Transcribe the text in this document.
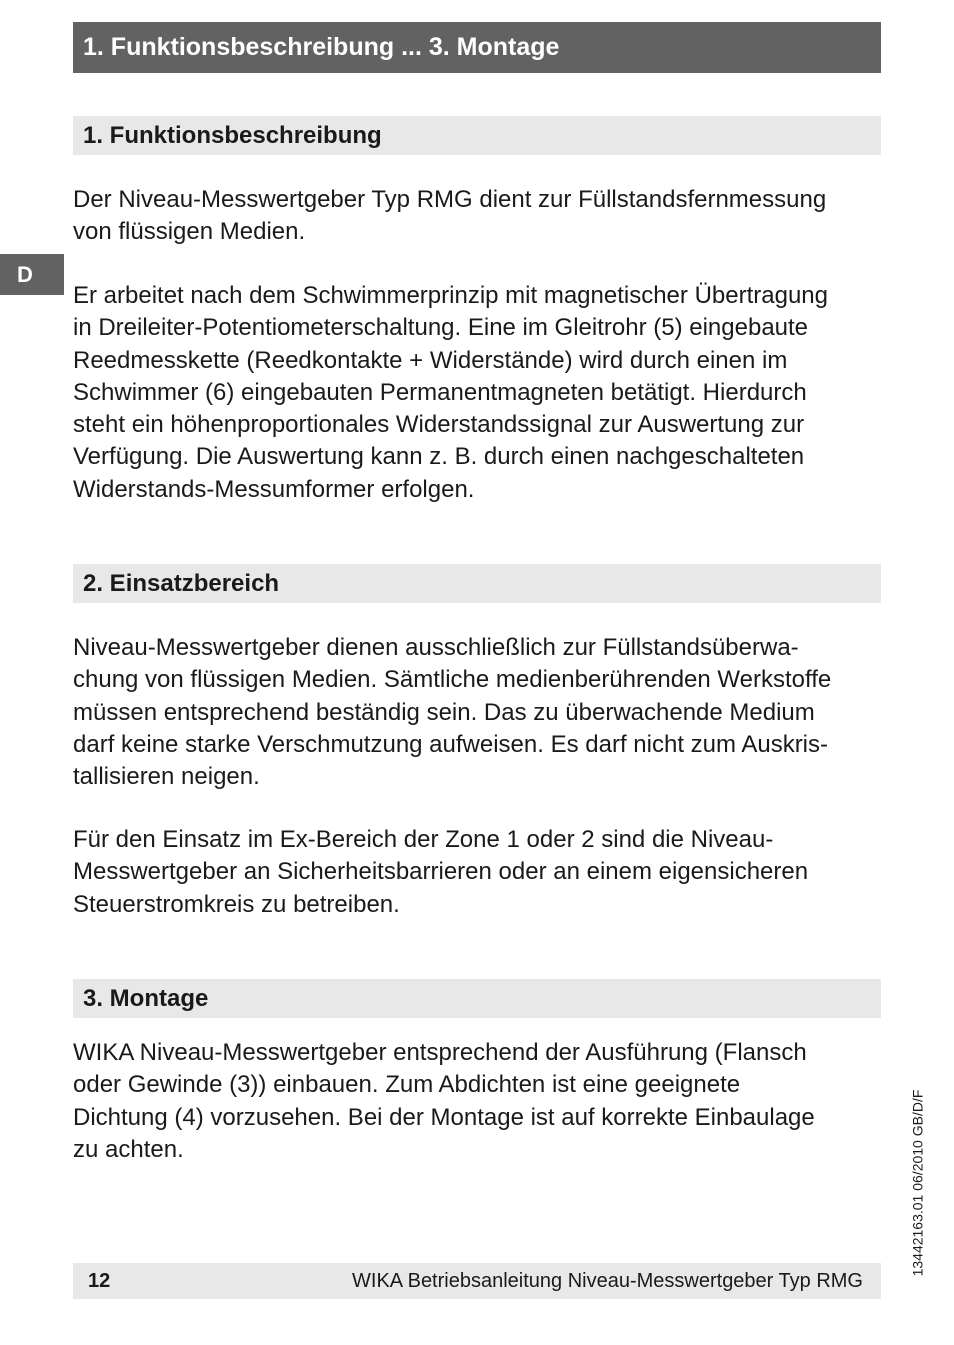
1. Funktionsbeschreibung ... 3. Montage
D
1. Funktionsbeschreibung

Der Niveau-Messwertgeber Typ RMG dient zur Füllstandsfernmessung
von flüssigen Medien.

Er arbeitet nach dem Schwimmerprinzip mit magnetischer Übertragung
in Dreileiter-Potentiometerschaltung. Eine im Gleitrohr (5) eingebaute
Reedmesskette (Reedkontakte + Widerstände) wird durch einen im
Schwimmer (6) eingebauten Permanentmagneten betätigt. Hierdurch
steht ein höhenproportionales Widerstandssignal zur Auswertung zur
Verfügung. Die Auswertung kann z. B. durch einen nachgeschalteten
Widerstands-Messumformer erfolgen.

2. Einsatzbereich

Niveau-Messwertgeber dienen ausschließlich zur Füllstandsüberwa-
chung von flüssigen Medien. Sämtliche medienberührenden Werkstoffe
müssen entsprechend beständig sein. Das zu überwachende Medium
darf keine starke Verschmutzung aufweisen. Es darf nicht zum Auskris-
tallisieren neigen.

Für den Einsatz im Ex-Bereich der Zone 1 oder 2 sind die Niveau-
Messwertgeber an Sicherheitsbarrieren oder an einem eigensicheren
Steuerstromkreis zu betreiben.

3. Montage

WIKA Niveau-Messwertgeber entsprechend der Ausführung (Flansch
oder Gewinde (3)) einbauen. Zum Abdichten ist eine geeignete
Dichtung (4) vorzusehen. Bei der Montage ist auf korrekte Einbaulage
zu achten.

12	WIKA Betriebsanleitung Niveau-Messwertgeber Typ RMG
13442163.01 06/2010 GB/D/F
